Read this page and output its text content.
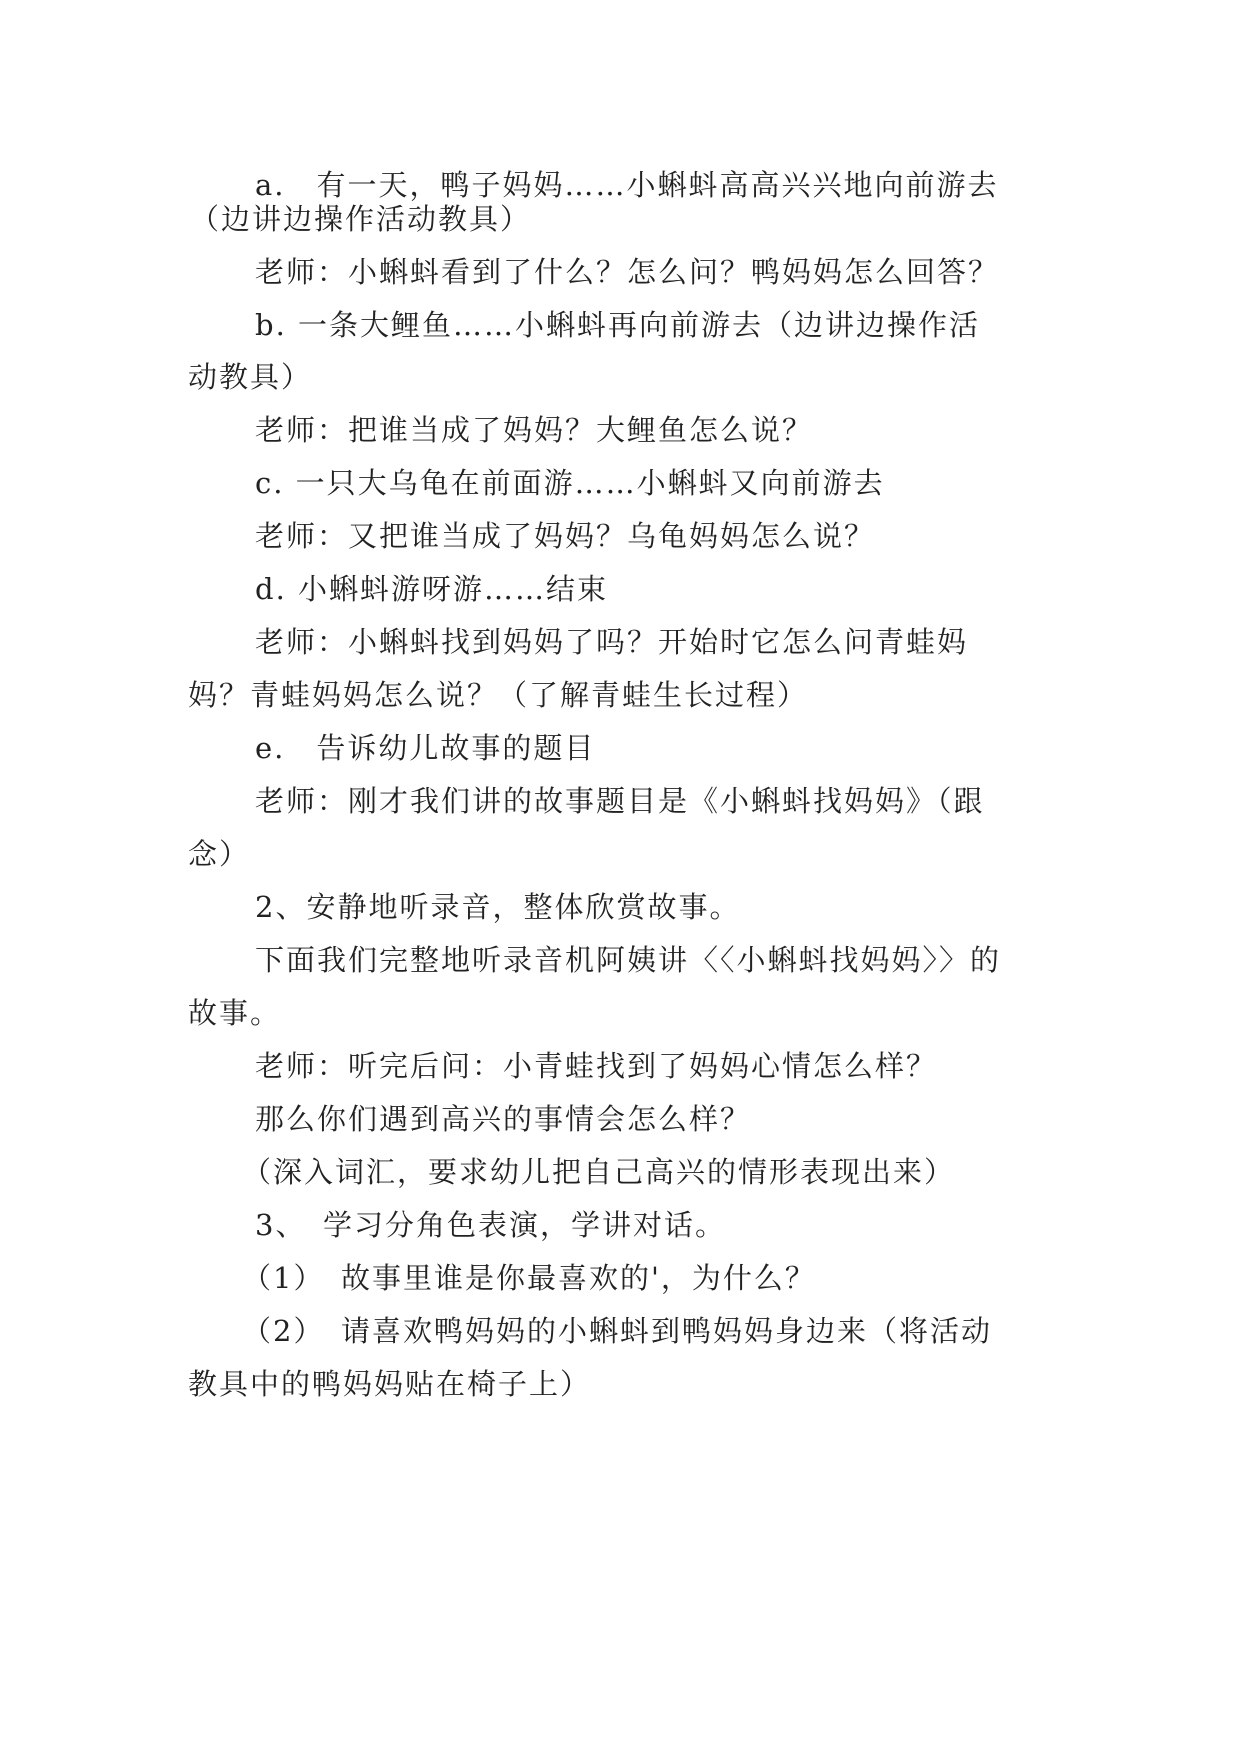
a.　有一天，鸭子妈妈……小蝌蚪高高兴兴地向前游去
（边讲边操作活动教具）
老师：小蝌蚪看到了什么？怎么问？鸭妈妈怎么回答？
b. 一条大鲤鱼……小蝌蚪再向前游去（边讲边操作活
动教具）
老师：把谁当成了妈妈？大鲤鱼怎么说？
c. 一只大乌龟在前面游……小蝌蚪又向前游去
老师：又把谁当成了妈妈？乌龟妈妈怎么说？
d. 小蝌蚪游呀游……结束
老师：小蝌蚪找到妈妈了吗？开始时它怎么问青蛙妈
妈？青蛙妈妈怎么说？（了解青蛙生长过程）
e.　告诉幼儿故事的题目
老师：刚才我们讲的故事题目是《小蝌蚪找妈妈》（跟
念）
2、安静地听录音，整体欣赏故事。
下面我们完整地听录音机阿姨讲〈〈小蝌蚪找妈妈〉〉的
故事。
老师：听完后问：小青蛙找到了妈妈心情怎么样？
那么你们遇到高兴的事情会怎么样？
（深入词汇，要求幼儿把自己高兴的情形表现出来）
3、　学习分角色表演，学讲对话。
（1）　故事里谁是你最喜欢的'，为什么？
（2）　请喜欢鸭妈妈的小蝌蚪到鸭妈妈身边来（将活动
教具中的鸭妈妈贴在椅子上）
